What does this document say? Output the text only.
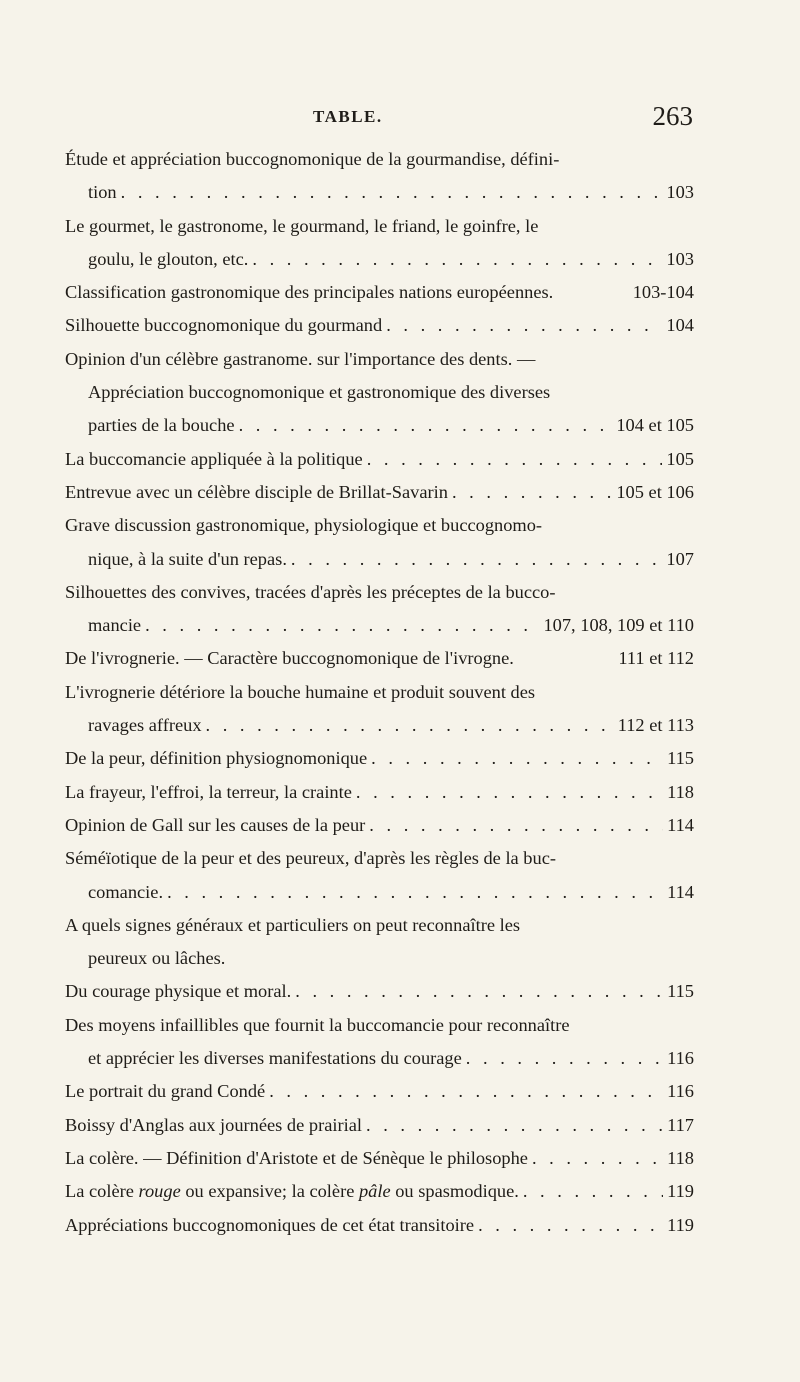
TABLE.	263
Étude et appréciation buccognomonique de la gourmandise, défini-
tion . . .	103
Le gourmet, le gastronome, le gourmand, le friand, le goinfre, le
goulu, le glouton, etc. . . .	103
Classification gastronomique des principales nations européennes.	103-104
Silhouette buccognomonique du gourmand . . .	104
Opinion d'un célèbre gastranome. sur l'importance des dents. —
Appréciation buccognomonique et gastronomique des diverses
parties de la bouche . . .	104 et 105
La buccomancie appliquée à la politique . . .	105
Entrevue avec un célèbre disciple de Brillat-Savarin . . .	105 et 106
Grave discussion gastronomique, physiologique et buccognomo-
nique, à la suite d'un repas. . . .	107
Silhouettes des convives, tracées d'après les préceptes de la bucco-
mancie . . .	107, 108, 109 et 110
De l'ivrognerie. — Caractère buccognomonique de l'ivrogne.	111 et 112
L'ivrognerie détériore la bouche humaine et produit souvent des
ravages affreux . . .	112 et 113
De la peur, définition physiognomonique . . .	115
La frayeur, l'effroi, la terreur, la crainte . . .	118
Opinion de Gall sur les causes de la peur . . .	114
Séméïotique de la peur et des peureux, d'après les règles de la buc-
comancie. . . .	114
A quels signes généraux et particuliers on peut reconnaître les
peureux ou lâches.
Du courage physique et moral. . . .	115
Des moyens infaillibles que fournit la buccomancie pour reconnaître
et apprécier les diverses manifestations du courage . . .	116
Le portrait du grand Condé . . .	116
Boissy d'Anglas aux journées de prairial . . .	117
La colère. — Définition d'Aristote et de Sénèque le philosophe . . .	118
La colère rouge ou expansive; la colère pâle ou spasmodique. . . .	119
Appréciations buccognomoniques de cet état transitoire . . .	119
